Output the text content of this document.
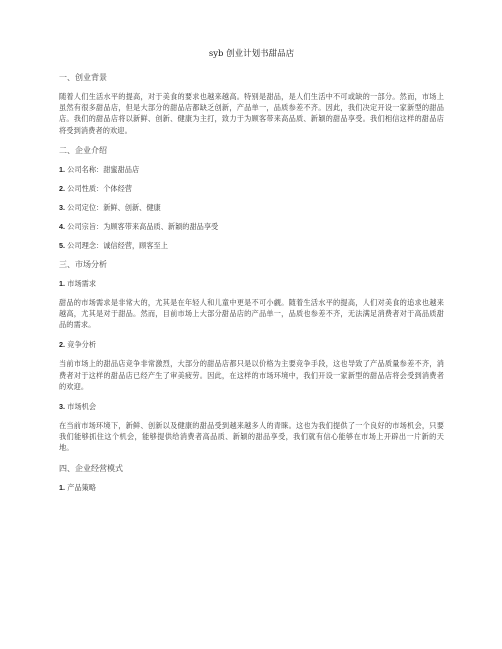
syb 创业计划书甜品店
一、创业背景
随着人们生活水平的提高，对于美食的要求也越来越高。特别是甜品，是人们生活中不可或缺的一部分。然而，市场上虽然有很多甜品店，但是大部分的甜品店都缺乏创新，产品单一，品质参差不齐。因此，我们决定开设一家新型的甜品店。我们的甜品店将以新鲜、创新、健康为主打，致力于为顾客带来高品质、新颖的甜品享受。我们相信这样的甜品店将受到消费者的欢迎。
二、企业介绍
1. 公司名称：甜蜜甜品店
2. 公司性质：个体经营
3. 公司定位：新鲜、创新、健康
4. 公司宗旨：为顾客带来高品质、新颖的甜品享受
5. 公司理念：诚信经营，顾客至上
三、市场分析
1. 市场需求
甜品的市场需求是非常大的，尤其是在年轻人和儿童中更是不可小觑。随着生活水平的提高，人们对美食的追求也越来越高，尤其是对于甜品。然而，目前市场上大部分甜品店的产品单一，品质也参差不齐，无法满足消费者对于高品质甜品的需求。
2. 竞争分析
当前市场上的甜品店竞争非常激烈，大部分的甜品店都只是以价格为主要竞争手段，这也导致了产品质量参差不齐，消费者对于这样的甜品店已经产生了审美疲劳。因此，在这样的市场环境中，我们开设一家新型的甜品店将会受到消费者的欢迎。
3. 市场机会
在当前市场环境下，新鲜、创新以及健康的甜品受到越来越多人的青睐。这也为我们提供了一个良好的市场机会，只要我们能够抓住这个机会，能够提供给消费者高品质、新颖的甜品享受，我们就有信心能够在市场上开辟出一片新的天地。
四、企业经营模式
1. 产品策略
